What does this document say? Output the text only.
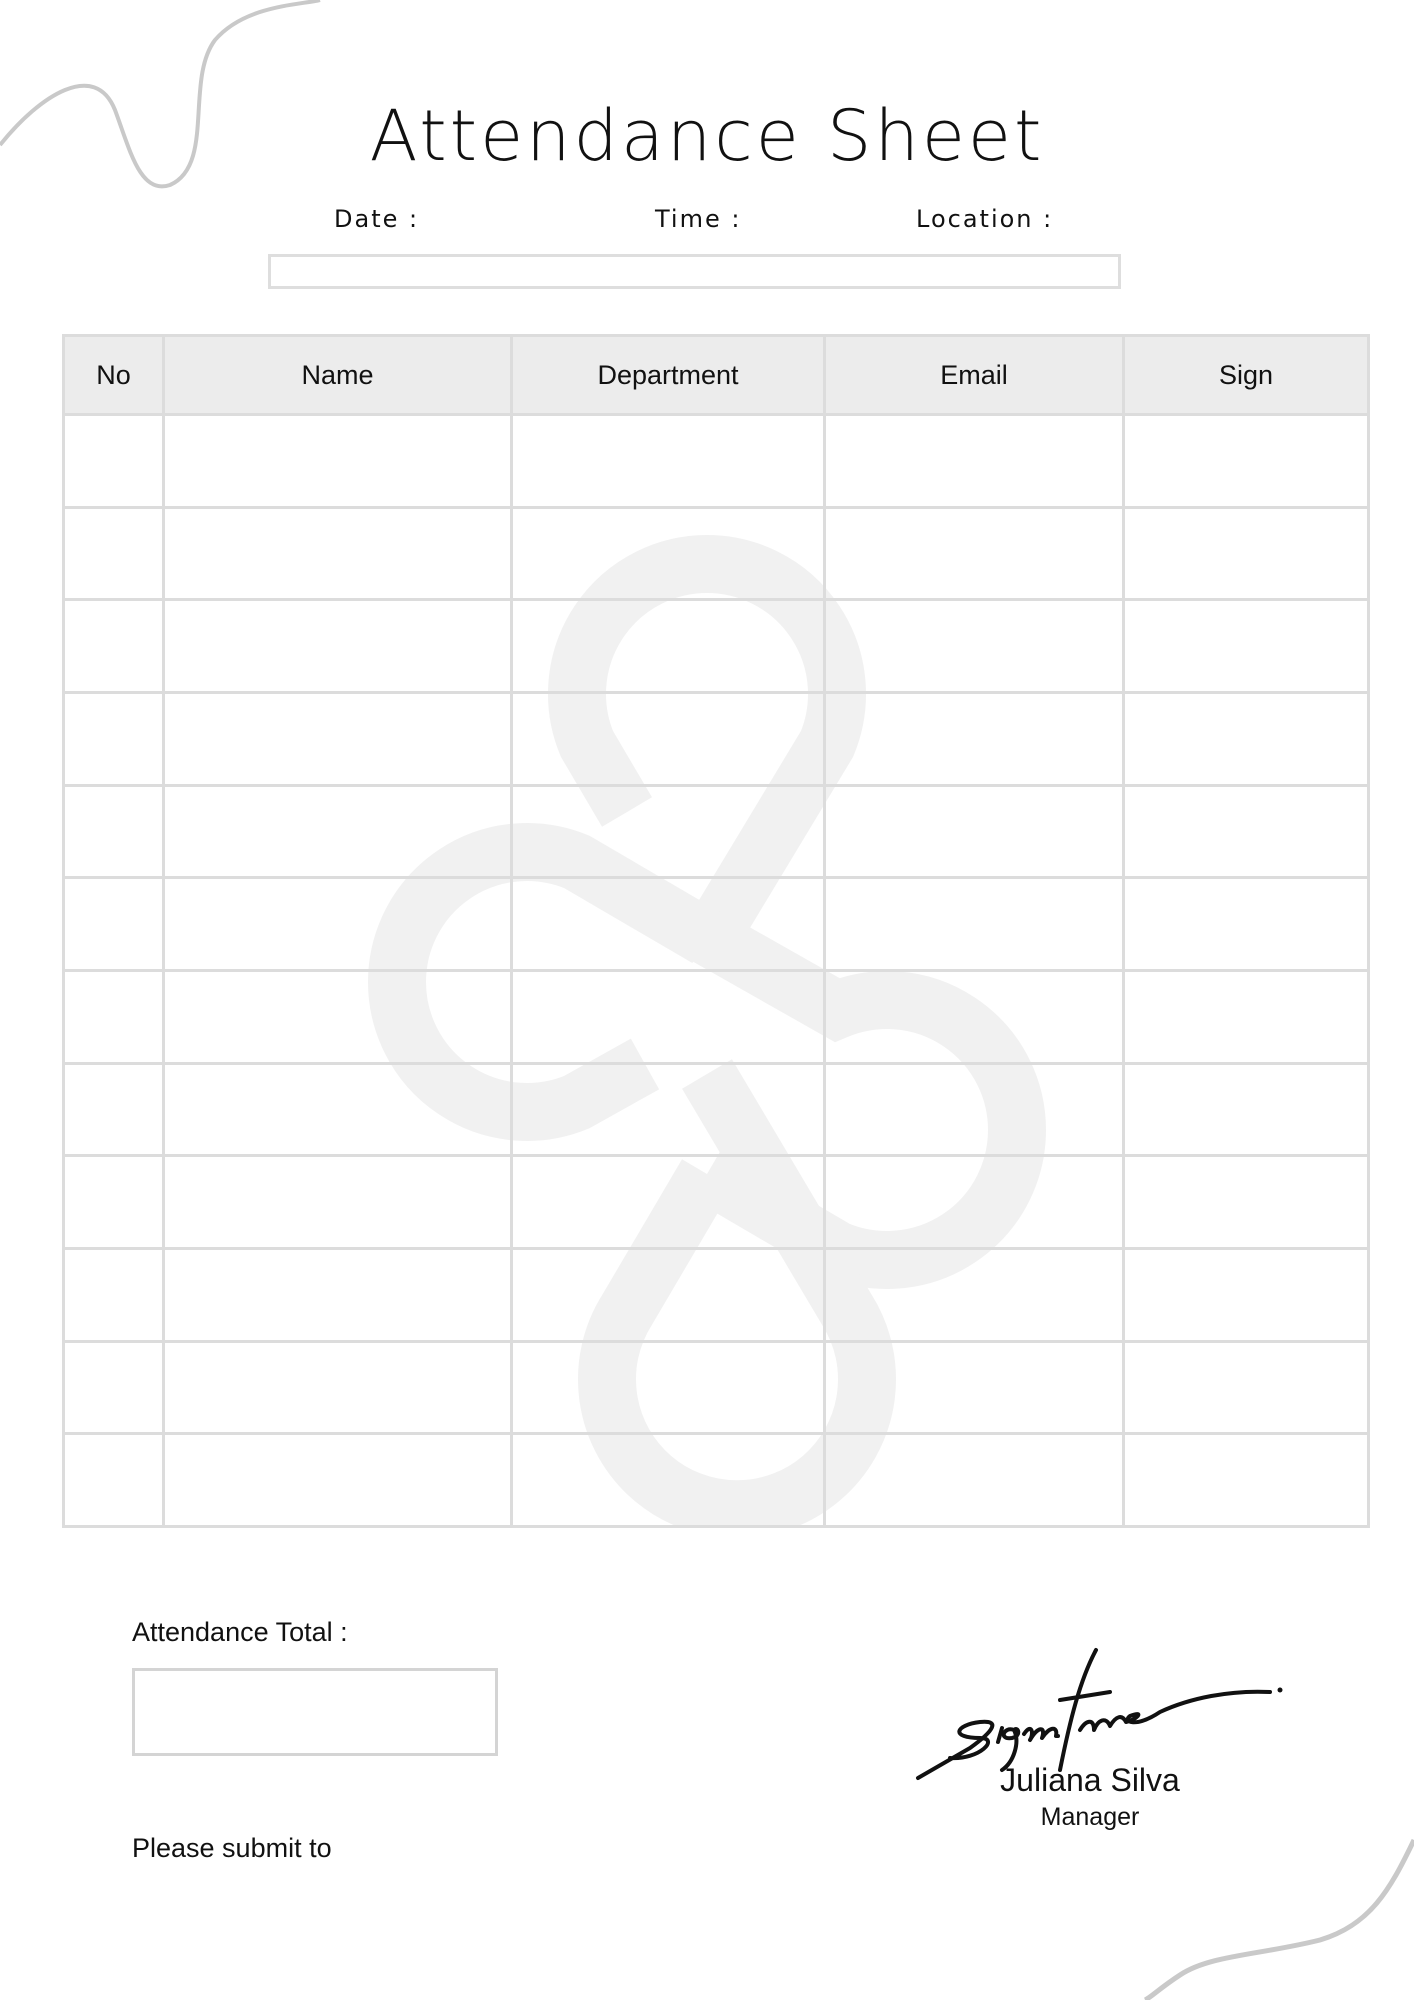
Attendance Sheet
Date :	Time :	Location :
No	Name	Department	Email	Sign

Attendance Total :
Please submit to
Juliana Silva
Manager
